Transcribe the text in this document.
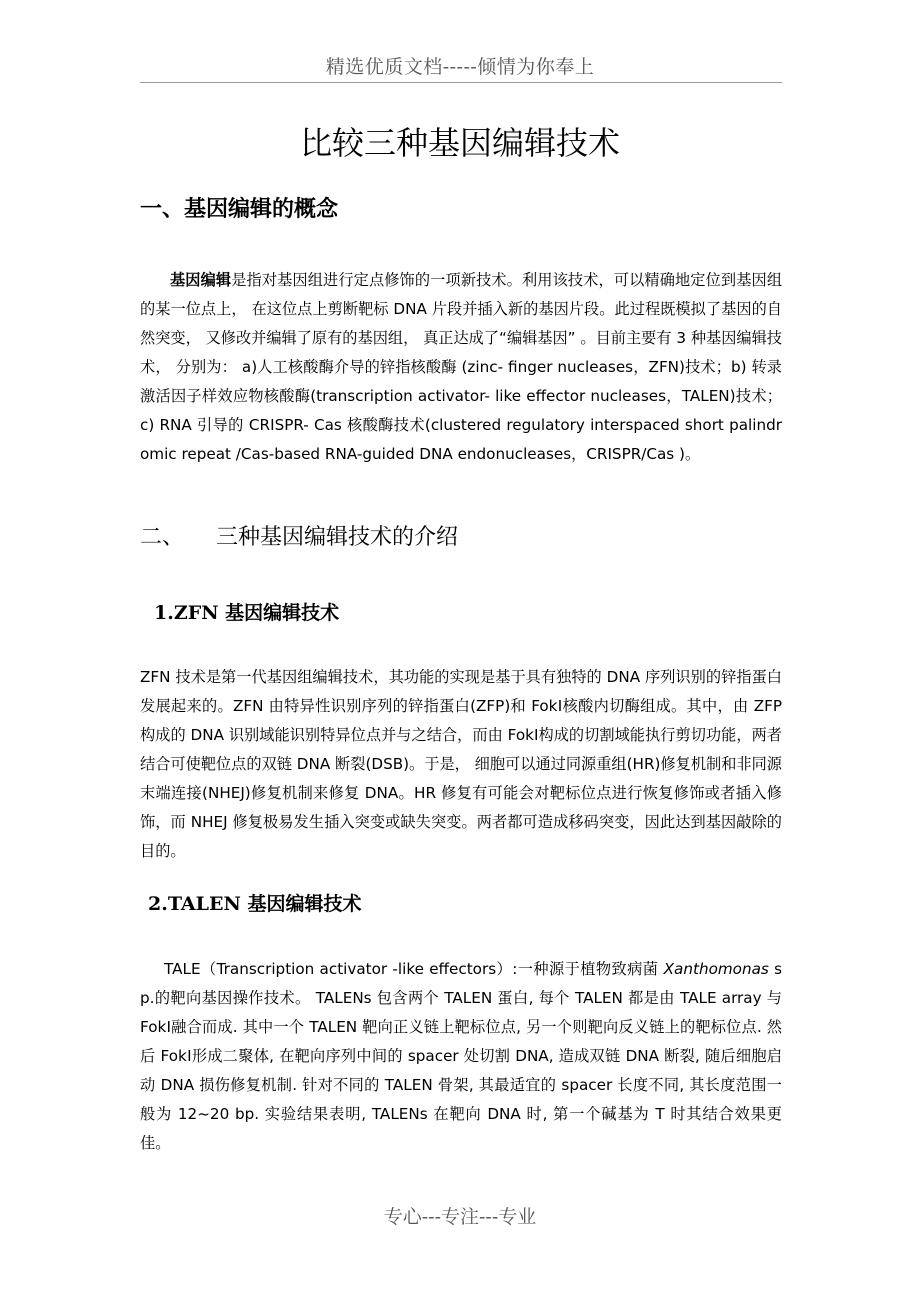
精选优质文档-----倾情为你奉上
比较三种基因编辑技术
一、基因编辑的概念

基因编辑是指对基因组进行定点修饰的一项新技术。利用该技术，可以精确地定位到基因组的某一位点上， 在这位点上剪断靶标 DNA 片段并插入新的基因片段。此过程既模拟了基因的自然突变， 又修改并编辑了原有的基因组， 真正达成了“编辑基因” 。目前主要有 3 种基因编辑技术， 分别为： a)人工核酸酶介导的锌指核酸酶 (zinc- finger nucleases，ZFN)技术；b) 转录激活因子样效应物核酸酶(transcription activator- like effector nucleases，TALEN)技术；c) RNA 引导的 CRISPR- Cas 核酸酶技术(clustered regulatory interspaced short palindromic repeat /Cas-based RNA-guided DNA endonucleases，CRISPR/Cas )。

二、 三种基因编辑技术的介绍
1.ZFN 基因编辑技术

ZFN 技术是第一代基因组编辑技术，其功能的实现是基于具有独特的 DNA 序列识别的锌指蛋白发展起来的。ZFN 由特异性识别序列的锌指蛋白(ZFP)和 FokⅠ核酸内切酶组成。其中，由 ZFP 构成的 DNA 识别域能识别特异位点并与之结合，而由 FokⅠ构成的切割域能执行剪切功能，两者结合可使靶位点的双链 DNA 断裂(DSB)。于是， 细胞可以通过同源重组(HR)修复机制和非同源末端连接(NHEJ)修复机制来修复 DNA。HR 修复有可能会对靶标位点进行恢复修饰或者插入修饰，而 NHEJ 修复极易发生插入突变或缺失突变。两者都可造成移码突变，因此达到基因敲除的目的。

2.TALEN 基因编辑技术

TALE（Transcription activator -like effectors）:一种源于植物致病菌 Xanthomonas sp.的靶向基因操作技术。 TALENs 包含两个 TALEN 蛋白, 每个 TALEN 都是由 TALE array 与 FokⅠ融合而成. 其中一个 TALEN 靶向正义链上靶标位点, 另一个则靶向反义链上的靶标位点. 然后 FokⅠ形成二聚体, 在靶向序列中间的 spacer 处切割 DNA, 造成双链 DNA 断裂, 随后细胞启动 DNA 损伤修复机制. 针对不同的 TALEN 骨架, 其最适宜的 spacer 长度不同, 其长度范围一般为 12~20 bp. 实验结果表明, TALENs 在靶向 DNA 时, 第一个碱基为 T 时其结合效果更佳。

专心---专注---专业
